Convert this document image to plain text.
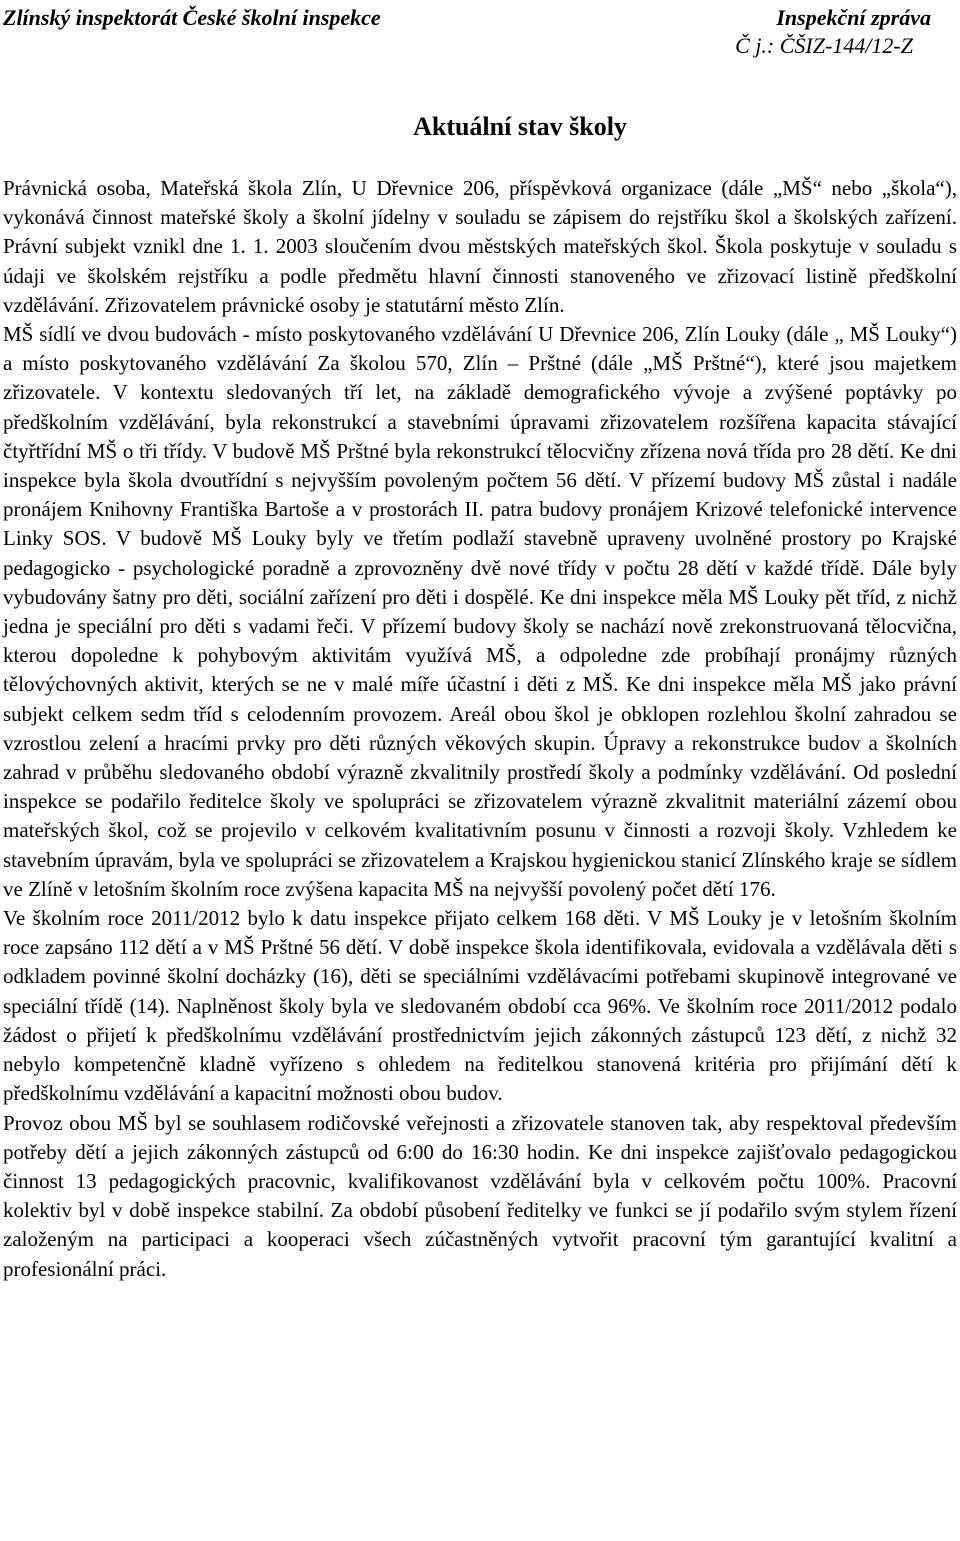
Zlínský inspektorát České školní inspekce	Inspekční zpráva
Č j.: ČŠIZ-144/12-Z
Aktuální stav školy

Právnická osoba, Mateřská škola Zlín, U Dřevnice 206, příspěvková organizace (dále „MŠ“ nebo „škola“), vykonává činnost mateřské školy a školní jídelny v souladu se zápisem do rejstříku škol a školských zařízení. Právní subjekt vznikl dne 1. 1. 2003 sloučením dvou městských mateřských škol. Škola poskytuje v souladu s údaji ve školském rejstříku a podle předmětu hlavní činnosti stanoveného ve zřizovací listině předškolní vzdělávání. Zřizovatelem právnické osoby je statutární město Zlín.

MŠ sídlí ve dvou budovách - místo poskytovaného vzdělávání U Dřevnice 206, Zlín Louky (dále „ MŠ Louky“) a místo poskytovaného vzdělávání Za školou 570, Zlín – Prštné (dále „MŠ Prštné“), které jsou majetkem zřizovatele. V kontextu sledovaných tří let, na základě demografického vývoje a zvýšené poptávky po předškolním vzdělávání, byla rekonstrukcí a stavebními úpravami zřizovatelem rozšířena kapacita stávající čtyřtřídní MŠ o tři třídy. V budově MŠ Prštné byla rekonstrukcí tělocvičny zřízena nová třída pro 28 dětí. Ke dni inspekce byla škola dvoutřídní s nejvyšším povoleným počtem 56 dětí. V přízemí budovy MŠ zůstal i nadále pronájem Knihovny Františka Bartoše a v prostorách II. patra budovy pronájem Krizové telefonické intervence Linky SOS. V budově MŠ Louky byly ve třetím podlaží stavebně upraveny uvolněné prostory po Krajské pedagogicko - psychologické poradně a zprovozněny dvě nové třídy v počtu 28 dětí v každé třídě. Dále byly vybudovány šatny pro děti, sociální zařízení pro děti i dospělé. Ke dni inspekce měla MŠ Louky pět tříd, z nichž jedna je speciální pro děti s vadami řeči. V přízemí budovy školy se nachází nově zrekonstruovaná tělocvična, kterou dopoledne k pohybovým aktivitám využívá MŠ, a odpoledne zde probíhají pronájmy různých tělovýchovných aktivit, kterých se ne v malé míře účastní i děti z MŠ. Ke dni inspekce měla MŠ jako právní subjekt celkem sedm tříd s celodenním provozem. Areál obou škol je obklopen rozlehlou školní zahradou se vzrostlou zelení a hracími prvky pro děti různých věkových skupin. Úpravy a rekonstrukce budov a školních zahrad v průběhu sledovaného období výrazně zkvalitnily prostředí školy a podmínky vzdělávání. Od poslední inspekce se podařilo ředitelce školy ve spolupráci se zřizovatelem výrazně zkvalitnit materiální zázemí obou mateřských škol, což se projevilo v celkovém kvalitativním posunu v činnosti a rozvoji školy. Vzhledem ke stavebním úpravám, byla ve spolupráci se zřizovatelem a Krajskou hygienickou stanicí Zlínského kraje se sídlem ve Zlíně v letošním školním roce zvýšena kapacita MŠ na nejvyšší povolený počet dětí 176.

Ve školním roce 2011/2012 bylo k datu inspekce přijato celkem 168 děti. V MŠ Louky je v letošním školním roce zapsáno 112 dětí a v MŠ Prštné 56 dětí. V době inspekce škola identifikovala, evidovala a vzdělávala děti s odkladem povinné školní docházky (16), děti se speciálními vzdělávacími potřebami skupinově integrované ve speciální třídě (14). Naplněnost školy byla ve sledovaném období cca 96%. Ve školním roce 2011/2012 podalo žádost o přijetí k předškolnímu vzdělávání prostřednictvím jejich zákonných zástupců 123 dětí, z nichž 32 nebylo kompetenčně kladně vyřízeno s ohledem na ředitelkou stanovená kritéria pro přijímání dětí k předškolnímu vzdělávání a kapacitní možnosti obou budov.

Provoz obou MŠ byl se souhlasem rodičovské veřejnosti a zřizovatele stanoven tak, aby respektoval především potřeby dětí a jejich zákonných zástupců od 6:00 do 16:30 hodin. Ke dni inspekce zajišťovalo pedagogickou činnost 13 pedagogických pracovnic, kvalifikovanost vzdělávání byla v celkovém počtu 100%. Pracovní kolektiv byl v době inspekce stabilní. Za období působení ředitelky ve funkci se jí podařilo svým stylem řízení založeným na participaci a kooperaci všech zúčastněných vytvořit pracovní tým garantující kvalitní a profesionální práci.
